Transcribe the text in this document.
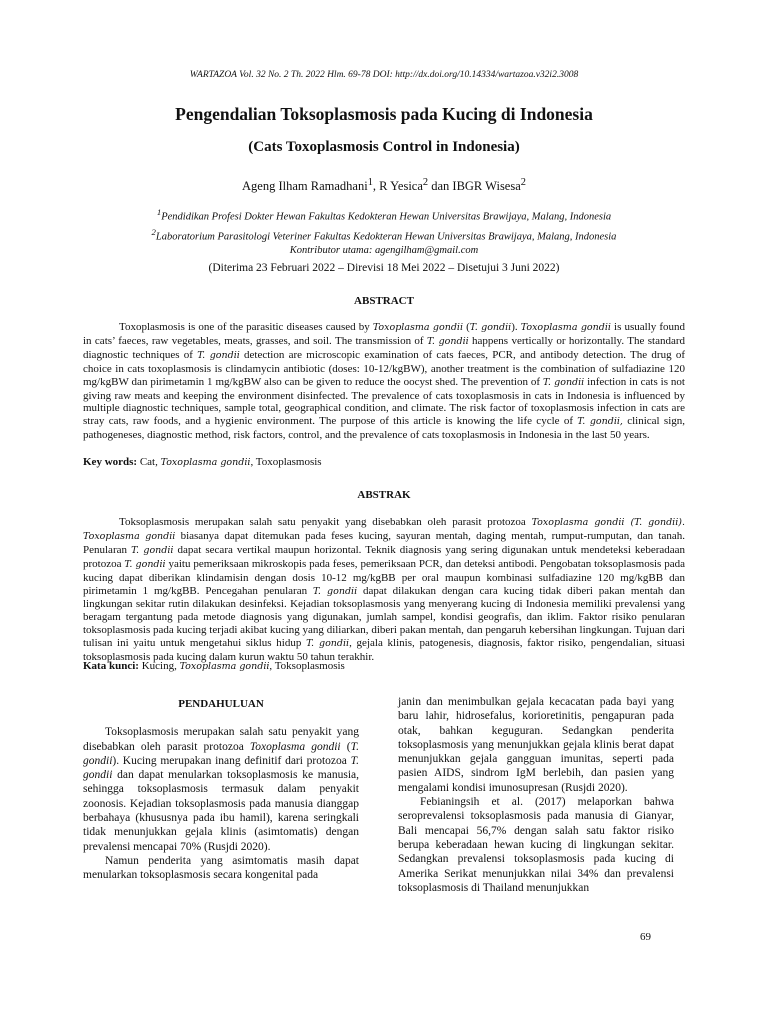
WARTAZOA Vol. 32 No. 2 Th. 2022 Hlm. 69-78 DOI: http://dx.doi.org/10.14334/wartazoa.v32i2.3008
Pengendalian Toksoplasmosis pada Kucing di Indonesia
(Cats Toxoplasmosis Control in Indonesia)
Ageng Ilham Ramadhani$^1$, R Yesica$^2$ dan IBGR Wisesa$^2$

$^1$Pendidikan Profesi Dokter Hewan Fakultas Kedokteran Hewan Universitas Brawijaya, Malang, Indonesia

$^2$Laboratorium Parasitologi Veteriner Fakultas Kedokteran Hewan Universitas Brawijaya, Malang, Indonesia

Kontributor utama: agengilham@gmail.com

(Diterima 23 Februari 2022 – Direvisi 18 Mei 2022 – Disetujui 3 Juni 2022)
ABSTRACT

Toxoplasmosis is one of the parasitic diseases caused by Toxoplasma gondii (T. gondii). Toxoplasma gondii is usually found in cats’ faeces, raw vegetables, meats, grasses, and soil. The transmission of T. gondii happens vertically or horizontally. The standard diagnostic techniques of T. gondii detection are microscopic examination of cats faeces, PCR, and antibody detection. The drug of choice in cats toxoplasmosis is clindamycin antibiotic (doses: 10-12/kgBW), another treatment is the combination of sulfadiazine 120 mg/kgBW dan pirimetamin 1 mg/kgBW also can be given to reduce the oocyst shed. The prevention of T. gondii infection in cats is not giving raw meats and keeping the environment disinfected. The prevalence of cats toxoplasmosis in cats in Indonesia is influenced by multiple diagnostic techniques, sample total, geographical condition, and climate. The risk factor of toxoplasmosis infection in cats are stray cats, raw foods, and a hygienic environment. The purpose of this article is knowing the life cycle of T. gondii, clinical sign, pathogeneses, diagnostic method, risk factors, control, and the prevalence of cats toxoplasmosis in Indonesia in the last 50 years.

Key words: Cat, Toxoplasma gondii, Toxoplasmosis

ABSTRAK

Toksoplasmosis merupakan salah satu penyakit yang disebabkan oleh parasit protozoa Toxoplasma gondii (T. gondii). Toxoplasma gondii biasanya dapat ditemukan pada feses kucing, sayuran mentah, daging mentah, rumput-rumputan, dan tanah. Penularan T. gondii dapat secara vertikal maupun horizontal. Teknik diagnosis yang sering digunakan untuk mendeteksi keberadaan protozoa T. gondii yaitu pemeriksaan mikroskopis pada feses, pemeriksaan PCR, dan deteksi antibodi. Pengobatan toksoplasmosis pada kucing dapat diberikan klindamisin dengan dosis 10-12 mg/kgBB per oral maupun kombinasi sulfadiazine 120 mg/kgBB dan pirimetamin 1 mg/kgBB. Pencegahan penularan T. gondii dapat dilakukan dengan cara kucing tidak diberi pakan mentah dan lingkungan sekitar rutin dilakukan desinfeksi. Kejadian toksoplasmosis yang menyerang kucing di Indonesia memiliki prevalensi yang beragam tergantung pada metode diagnosis yang digunakan, jumlah sampel, kondisi geografis, dan iklim. Faktor risiko penularan toksoplasmosis pada kucing terjadi akibat kucing yang diliarkan, diberi pakan mentah, dan pengaruh kebersihan lingkungan. Tujuan dari tulisan ini yaitu untuk mengetahui siklus hidup T. gondii, gejala klinis, patogenesis, diagnosis, faktor risiko, pengendalian, situasi toksoplasmosis pada kucing dalam kurun waktu 50 tahun terakhir.

Kata kunci: Kucing, Toxoplasma gondii, Toksoplasmosis

PENDAHULUAN

Toksoplasmosis merupakan salah satu penyakit yang disebabkan oleh parasit protozoa Toxoplasma gondii (T. gondii). Kucing merupakan inang definitif dari protozoa T. gondii dan dapat menularkan toksoplasmosis ke manusia, sehingga toksoplasmosis termasuk dalam penyakit zoonosis. Kejadian toksoplasmosis pada manusia dianggap berbahaya (khususnya pada ibu hamil), karena seringkali tidak menunjukkan gejala klinis (asimtomatis) dengan prevalensi mencapai 70% (Rusjdi 2020).

Namun penderita yang asimtomatis masih dapat menularkan toksoplasmosis secara kongenital pada

janin dan menimbulkan gejala kecacatan pada bayi yang baru lahir, hidrosefalus, korioretinitis, pengapuran pada otak, bahkan keguguran. Sedangkan penderita toksoplasmosis yang menunjukkan gejala klinis berat dapat menunjukkan gejala gangguan imunitas, seperti pada pasien AIDS, sindrom IgM berlebih, dan pasien yang mengalami kondisi imunosupresan (Rusjdi 2020).

Febianingsih et al. (2017) melaporkan bahwa seroprevalensi toksoplasmosis pada manusia di Gianyar, Bali mencapai 56,7% dengan salah satu faktor risiko berupa keberadaan hewan kucing di lingkungan sekitar. Sedangkan prevalensi toksoplasmosis pada kucing di Amerika Serikat menunjukkan nilai 34% dan prevalensi toksoplasmosis di Thailand menunjukkan

69
